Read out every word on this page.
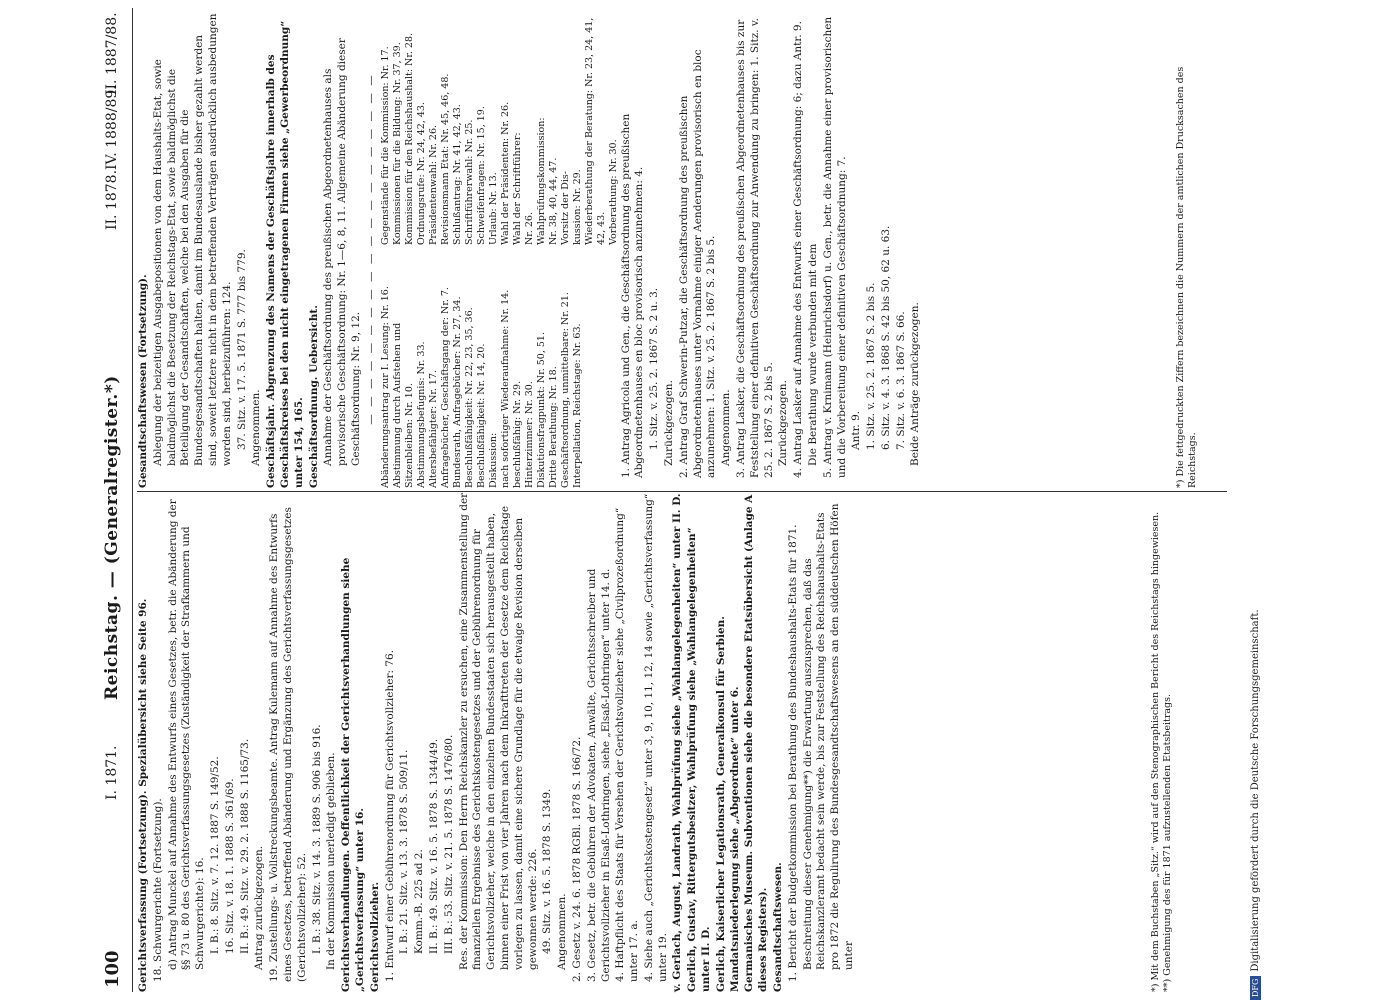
100
Reichstag. — (Generalregister.*)

Gerichtsverfassung (Fortsetzung). Spezialübersicht siehe Seite 96. 18. Schwurgerichte (Fortsetzung). d) Antrag Munckel auf Annahme des Entwurfs eines Gesetzes, betr. die Abänderung der §§ 73 u. 80 des Gerichtsverfassungsgesetzes (Zuständigkeit der Strafkammern und Schwurgerichte): 16. I. B.: 8. Sitz. v. 7. 12. 1887 S. 149/52. 16. Sitz. v. 18. 1. 1888 S. 361/69. II. B.: 49. Sitz. v. 29. 2. 1888 S. 1165/73. Antrag zurückgezogen. 19. Zustellungs- u. Vollstreckungsbeamte. Antrag Kulemann auf Annahme des Entwurfs eines Gesetzes, betreffend Abänderung und Ergänzung des Gerichtsverfassungsgesetzes (Gerichtsvollzieher): 52. I. B.: 38. Sitz. v. 14. 3. 1889 S. 906 bis 916. In der Kommission unerledigt geblieben. Gerichtsverhandlungen. Oeffentlichkeit der Gerichtsverhandlungen siehe „Gerichtsverfassung“ unter 16. Gerichtsvollzieher. 1. Entwurf einer Gebührenordnung für Gerichtsvollzieher: 76. I. B.: 21. Sitz. v. 13. 3. 1878 S. 509/11. Komm.-B. 225 ad 2. II. B.: 49. Sitz. v. 16. 5. 1878 S. 1344/49. III. B.: 53. Sitz. v. 21. 5. 1878 S. 1476/80. Res. der Kommission: Den Herrn Reichskanzler zu ersuchen, eine Zusammenstellung der finanziellen Ergebnisse des Gerichtskostengesetzes und der Gebührenordnung für Gerichtsvollzieher, welche in den einzelnen Bundesstaaten sich herausgestellt haben, binnen einer Frist von vier Jahren nach dem Inkrafttreten der Gesetze dem Reichstage vorlegen zu lassen, damit eine sichere Grundlage für die etwaige Revision derselben gewonnen werde: 226. 49. Sitz. v. 16. 5. 1878 S. 1349. Angenommen. 2. Gesetz v. 24. 6. 1878 RGBl. 1878 S. 166/72. 3. Gesetz, betr. die Gebühren der Advokaten, Anwälte, Gerichtsschreiber und Gerichtsvollzieher in Elsaß-Lothringen, siehe „Elsaß-Lothringen“ unter 14. d. 4. Haftpflicht des Staats für Versehen der Gerichtsvollzieher siehe „Civilprozeßordnung“ unter 17. a. 4. Siehe auch „Gerichtskostengesetz“ unter 3, 9, 10, 11, 12, 14 sowie „Gerichtsverfassung“ unter 19. v. Gerlach, August, Landrath, Wahlprüfung siehe „Wahlangelegenheiten“ unter II. D. Gerlich, Gustav, Rittergutsbesitzer, Wahlprüfung siehe „Wahlangelegenheiten“ unter II. D. Gerlich, Kaiserlicher Legationsrath, Generalkonsul für Serbien. Mandatsniederlegung siehe „Abgeordnete“ unter 6. Germanisches Museum. Subventionen siehe die besondere Etatsübersicht (Anlage A dieses Registers). Gesandtschaftswesen. 1. Bericht der Budgetkommission bei Berathung des Bundeshaushalts-Etats für 1871. Beschreitung dieser Genehmigung**) die Erwartung auszusprechen, daß das Reichskanzleramt bedacht sein werde, bis zur Feststellung des Reichshaushalts-Etats pro 1872 die Regulirung des Bundesgesandtschaftswesens an den süddeutschen Höfen unter

Gesandtschaftswesen (Fortsetzung). Ablegung der beizeitigen Ausgabepositionen von dem Haushalts-Etat, sowie baldmöglichst die Besetzung der Reichstags-Etat, sowie baldmöglichst die Beteiligung der Gesandtschaften, welche bei den Ausgaben für die Bundesgesandtschaften halten, damit im Bundesauslande bisher gezahlt werden sind, soweit letztere nicht in dem betreffenden Verträgen ausdrücklich ausbedungen worden sind, herbeizuführen: 124. 37. Sitz. v. 17. 5. 1871 S. 777 bis 779. Angenommen. Geschäftsjahr. Abgrenzung des Namens der Geschäftsjahre innerhalb des Geschäftskreises bei den nicht eingetragenen Firmen siehe „Gewerbeordnung“ unter 154, 165. Geschäftsordnung. Uebersicht. Annahme der Geschäftsordnung des preußischen Abgeordnetenhauses als provisorische Geschäftsordnung: Nr. 1—6, 8, 11. Allgemeine Abänderung dieser Geschäftsordnung: Nr. 9, 12. — — — — — — — — — — — — — — — — — — — —

Abänderungsantrag zur I. Lesung: Nr. 16.
Abstimmung durch Aufstehen und Sitzenbleiben: Nr. 10.
Abstimmungsbefugnis: Nr. 33.
Altersbefähigter: Nr. 17.
Anfragebücher, Geschäftsgang der: Nr. 7.
Bundesrath, Anfragebücher: Nr. 27, 34.
Beschlußfähigkeit: Nr. 22, 23, 35, 36.
Beschlußfähigkeit: Nr. 14, 20.
Diskussion:
nach sofortiger Wiederaufnahme: Nr. 14.
beschlußfähig: Nr. 29.
Hinterzimmer: Nr. 30.
Diskutionsfragpunkt: Nr. 50, 51.
Dritte Berathung: Nr. 18.
Geschäftsordnung, unmittelbare: Nr. 21.
Interpellation, Reichstage: Nr. 63.
Gegenstände für die Kommission: Nr. 17.
Kommissionen für die Bildung: Nr. 37, 39.
Kommission für den Reichshaushalt: Nr. 28.
Ordnungsrufe: Nr. 24, 42, 43.
Präsidentenwahl: Nr. 26.
Revisionsmann Etat: Nr. 45, 46, 48.
Schlußantrag: Nr. 41, 42, 43.
Schriftführerwahl: Nr. 25.
Schweifenfragen: Nr. 15, 19.
Urlaub: Nr. 13.
Wahl der Präsidenten: Nr. 26.
Wahl der Schriftführer:
Nr. 26.
Wahlprüfungskommission:
Nr. 38, 40, 44, 47.
Vorsitz der Dis-
kussion: Nr. 29.
Wiederberathung der Beratung: Nr. 23, 24, 41, 42, 43.
Vorberathung: Nr. 30. 1. Antrag Agricola und Gen., die Geschäftsordnung des preußischen Abgeordnetenhauses en bloc provisorisch anzunehmen: 4. 1. Sitz. v. 25. 2. 1867 S. 2 u. 3. Zurückgezogen. 2. Antrag Graf Schwerin-Putzar, die Geschäftsordnung des preußischen Abgeordnetenhauses unter Vornahme einiger Aenderungen provisorisch en bloc anzunehmen: 1. Sitz. v. 25. 2. 1867 S. 2 bis 5. Angenommen. 3. Antrag Lasker, die Geschäftsordnung des preußischen Abgeordnetenhauses bis zur Feststellung einer definitiven Geschäftsordnung zur Anwendung zu bringen: 1. Sitz. v. 25. 2. 1867 S. 2 bis 5. Zurückgezogen. 4. Antrag Lasker auf Annahme des Entwurfs einer Geschäftsordnung: 6; dazu Antr. 9. Die Berathung wurde verbunden mit dem 5. Antrag v. Krnimann (Heinrichsdorf) u. Gen., betr. die Annahme einer provisorischen und die Vorbereitung einer definitiven Geschäftsordnung: 7. Antr. 9. 1. Sitz. v. 25. 2. 1867 S. 2 bis 5. 6. Sitz. v. 4. 3. 1868 S. 42 bis 50, 62 u. 63. 7. Sitz. v. 6. 3. 1867 S. 66. Beide Anträge zurückgezogen.

II. 1887/88.
IV. 1888/89.
II. 1878.
I. 1871.	*) Mit dem Buchstaben „Sitz.“ wird auf den Stenographischen Bericht des Reichstags hingewiesen. **) Genehmigung des für 1871 aufzustellenden Etatsbeitrags.
*) Die fettgedruckten Ziffern bezeichnen die Nummern der amtlichen Drucksachen des Reichstags.
DFGDigitalisierung gefördert durch die Deutsche Forschungsgemeinschaft.
